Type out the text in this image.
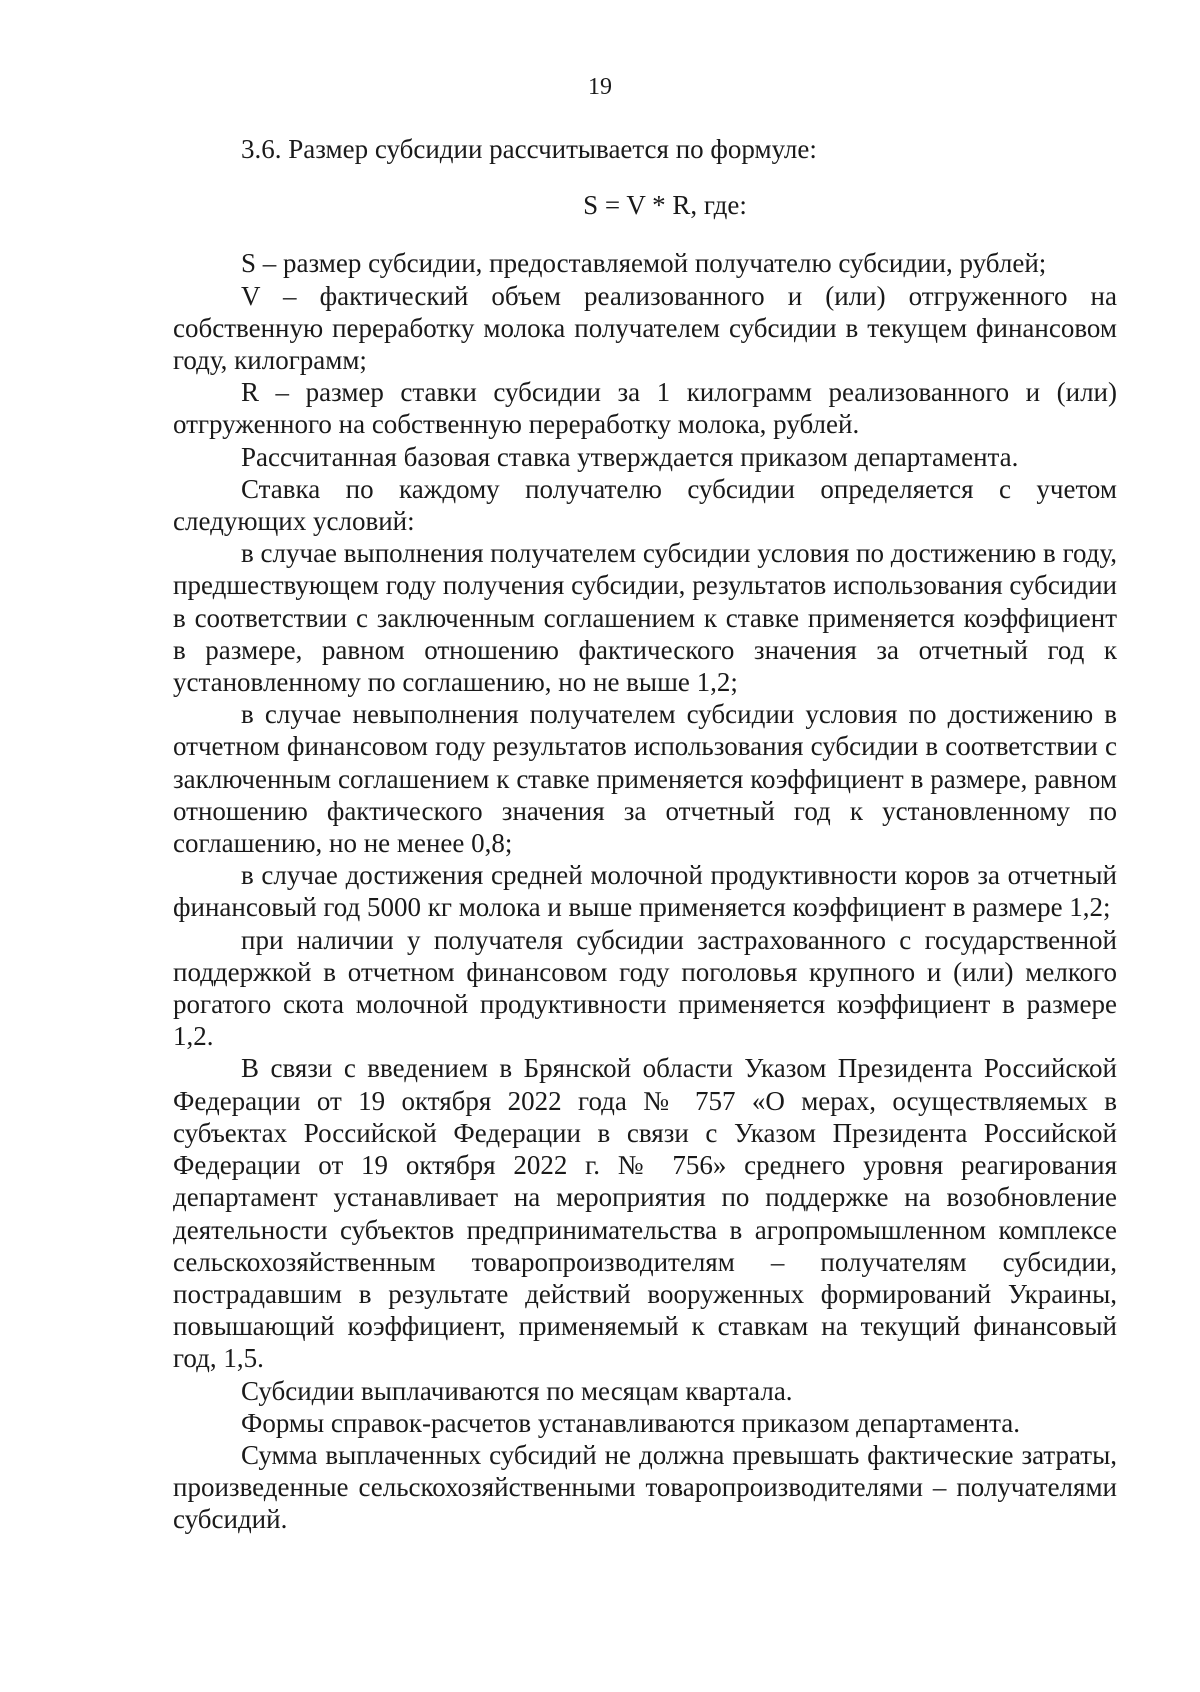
19

3.6. Размер субсидии рассчитывается по формуле:

S = V * R, где:

S – размер субсидии, предоставляемой получателю субсидии, рублей;

V – фактический объем реализованного и (или) отгруженного на собственную переработку молока получателем субсидии в текущем финансовом году, килограмм;

R – размер ставки субсидии за 1 килограмм реализованного и (или) отгруженного на собственную переработку молока, рублей.

Рассчитанная базовая ставка утверждается приказом департамента.

Ставка по каждому получателю субсидии определяется с учетом следующих условий:

в случае выполнения получателем субсидии условия по достижению в году, предшествующем году получения субсидии, результатов использования субсидии в соответствии с заключенным соглашением к ставке применяется коэффициент в размере, равном отношению фактического значения за отчетный год к установленному по соглашению, но не выше 1,2;

в случае невыполнения получателем субсидии условия по достижению в отчетном финансовом году результатов использования субсидии в соответствии с заключенным соглашением к ставке применяется коэффициент в размере, равном отношению фактического значения за отчетный год к установленному по соглашению, но не менее 0,8;

в случае достижения средней молочной продуктивности коров за отчетный финансовый год 5000 кг молока и выше применяется коэффициент в размере 1,2;

при наличии у получателя субсидии застрахованного с государственной поддержкой в отчетном финансовом году поголовья крупного и (или) мелкого рогатого скота молочной продуктивности применяется коэффициент в размере 1,2.

В связи с введением в Брянской области Указом Президента Российской Федерации от 19 октября 2022 года № 757 «О мерах, осуществляемых в субъектах Российской Федерации в связи с Указом Президента Российской Федерации от 19 октября 2022 г. № 756» среднего уровня реагирования департамент устанавливает на мероприятия по поддержке на возобновление деятельности субъектов предпринимательства в агропромышленном комплексе сельскохозяйственным товаропроизводителям – получателям субсидии, пострадавшим в результате действий вооруженных формирований Украины, повышающий коэффициент, применяемый к ставкам на текущий финансовый год, 1,5.

Субсидии выплачиваются по месяцам квартала.

Формы справок-расчетов устанавливаются приказом департамента.

Сумма выплаченных субсидий не должна превышать фактические затраты, произведенные сельскохозяйственными товаропроизводителями – получателями субсидий.
